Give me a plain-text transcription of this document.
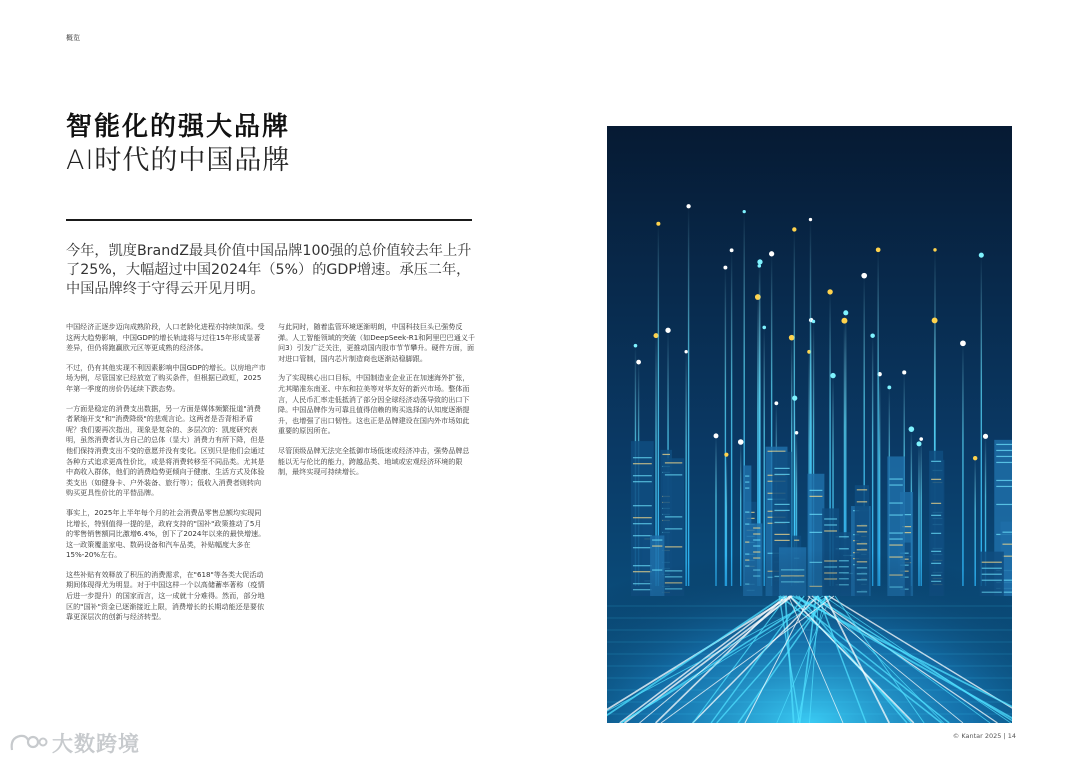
概览
智能化的强大品牌
AI时代的中国品牌
今年，凯度BrandZ最具价值中国品牌100强的总价值较去年上升了25%，大幅超过中国2024年（5%）的GDP增速。承压二年，中国品牌终于守得云开见月明。

中国经济正逐步迈向成熟阶段，人口老龄化进程亦持续加深。受这两大趋势影响，中国GDP的增长轨迹将与过往15年形成显著差异，但仍将跑赢欧元区等更成熟的经济体。

不过，仍有其他实现不利因素影响中国GDP的增长。以房地产市场为例，尽管国家已经放宽了购买条件，但根据已政虹，2025年第一季度的房价仍延续下跌态势。

一方面是稳定的消费支出数据，另一方面是媒体频繁报道"消费者紧缩开支"和"消费降级"的悲观言论。这两者是否背相矛盾呢？我们要再次指出，现象是复杂的、多层次的：凯度研究表明，虽然消费者认为自己的总体（显大）消费力有所下降，但是他们保持消费支出不变的意愿并没有变化。区别只是他们会通过各种方式追求更高性价比，或是将消费转移至不同品类。尤其是中高收入群体，他们的消费趋势更倾向于健康、生活方式及体验类支出（如健身卡、户外装备、旅行等）；低收入消费者则转向购买更具性价比的平替品牌。

事实上，2025年上半年每个月的社会消费品零售总额均实现同比增长，特别值得一提的是，政府支持的"国补"政策推动了5月的零售销售额同比激增6.4%，创下了2024年以来的最快增速。这一政策覆盖家电、数码设备和汽车品类，补贴幅度大多在15%-20%左右。

这些补贴有效释放了积压的消费需求，在"618"等各类大促活动期间体现得尤为明显。对于中国这样一个以高储蓄率著称（疫情后进一步提升）的国家而言，这一成就十分难得。然而，部分地区的"国补"资金已逐渐接近上限，消费增长的长期动能还是要依靠更深层次的创新与经济转型。

与此同时，随着监管环境逐渐明朗，中国科技巨头已强势反弹。人工智能领域的突破（如DeepSeek-R1和阿里巴巴通义千问3）引发广泛关注，更推动国内股市节节攀升。硬件方面，面对进口管制，国内芯片制造商也逐渐站稳脚跟。

为了实现核心出口目标，中国制造业企业正在加速海外扩张，尤其瞄准东南亚、中东和拉美等对华友好的新兴市场。整体而言，人民币汇率走低抵消了部分因全球经济动荡导致的出口下降。中国品牌作为可靠且值得信赖的购买选择的认知度逐渐提升，也增强了出口韧性。这也正是品牌建设在国内外市场如此重要的原因所在。

尽管顶级品牌无法完全抵御市场低迷或经济冲击，强势品牌总能以无与伦比的能力，跨越品类、地域或宏观经济环境的限制，最终实现可持续增长。

© Kantar 2025 | 14
大数跨境
